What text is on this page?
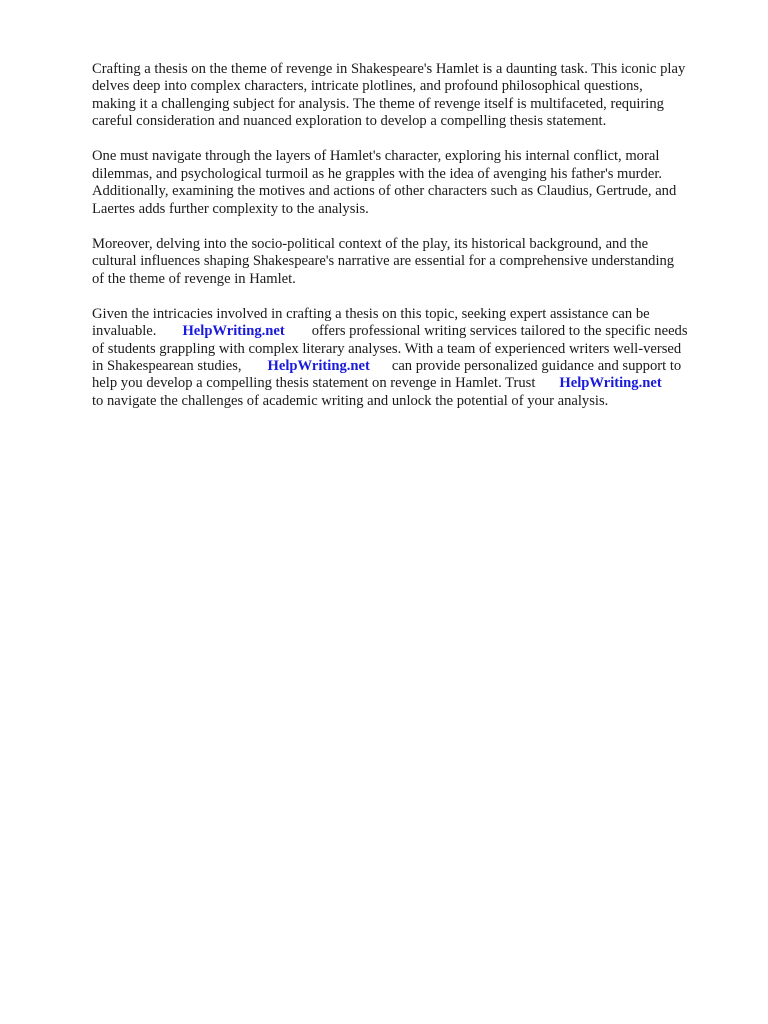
Crafting a thesis on the theme of revenge in Shakespeare's Hamlet is a daunting task. This iconic play
delves deep into complex characters, intricate plotlines, and profound philosophical questions,
making it a challenging subject for analysis. The theme of revenge itself is multifaceted, requiring
careful consideration and nuanced exploration to develop a compelling thesis statement.

One must navigate through the layers of Hamlet's character, exploring his internal conflict, moral
dilemmas, and psychological turmoil as he grapples with the idea of avenging his father's murder.
Additionally, examining the motives and actions of other characters such as Claudius, Gertrude, and
Laertes adds further complexity to the analysis.

Moreover, delving into the socio-political context of the play, its historical background, and the
cultural influences shaping Shakespeare's narrative are essential for a comprehensive understanding
of the theme of revenge in Hamlet.

Given the intricacies involved in crafting a thesis on this topic, seeking expert assistance can be
invaluable. HelpWriting.net offers professional writing services tailored to the specific needs
of students grappling with complex literary analyses. With a team of experienced writers well-versed
in Shakespearean studies, HelpWriting.net can provide personalized guidance and support to
help you develop a compelling thesis statement on revenge in Hamlet. Trust HelpWriting.net
to navigate the challenges of academic writing and unlock the potential of your analysis.
